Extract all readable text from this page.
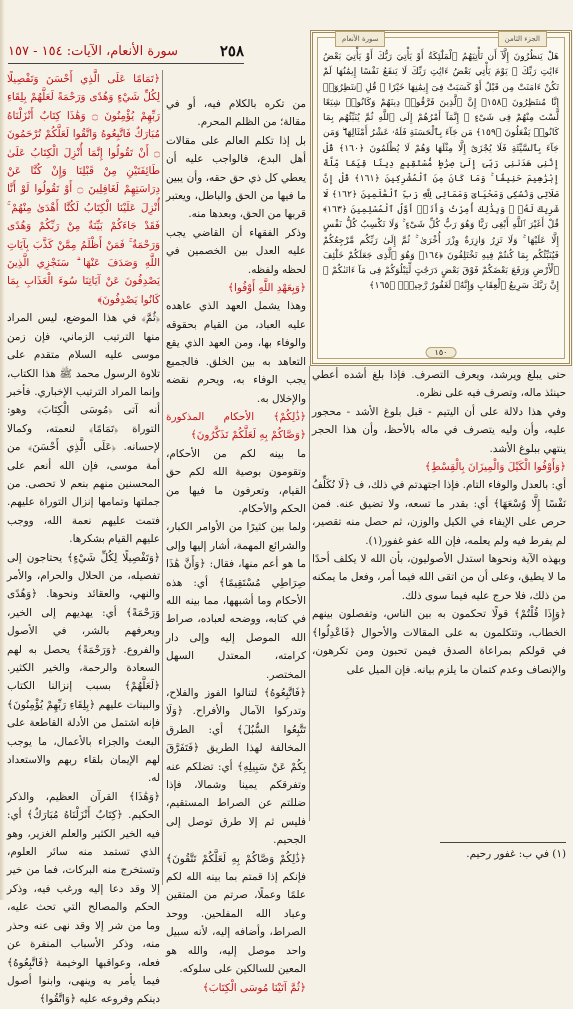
٢٥٨
سورة الأنعام، الآيات: ١٥٤ - ١٥٧
الجزء الثامن
سورة الأنعام
هَلْ يَنظُرُونَ إِلَّآ أَن تَأْتِيَهُمُ ٱلْمَلَٰٓئِكَةُ أَوْ يَأْتِيَ رَبُّكَ أَوْ يَأْتِيَ بَعْضُ ءَايَٰتِ رَبِّكَ ۗ يَوْمَ يَأْتِي بَعْضُ ءَايَٰتِ رَبِّكَ لَا يَنفَعُ نَفْسًا إِيمَٰنُهَا لَمْ تَكُنْ ءَامَنَتْ مِن قَبْلُ أَوْ كَسَبَتْ فِىٓ إِيمَٰنِهَا خَيْرًا ۗ قُلِ ٱنتَظِرُوٓا۟ إِنَّا مُنتَظِرُونَ ﴿١٥٨﴾ إِنَّ ٱلَّذِينَ فَرَّقُوا۟ دِينَهُمْ وَكَانُوا۟ شِيَعًا لَّسْتَ مِنْهُمْ فِى شَىْءٍ ۚ إِنَّمَآ أَمْرُهُمْ إِلَى ٱللَّهِ ثُمَّ يُنَبِّئُهُم بِمَا كَانُوا۟ يَفْعَلُونَ ﴿١٥٩﴾ مَن جَآءَ بِٱلْحَسَنَةِ فَلَهُۥ عَشْرُ أَمْثَالِهَا ۖ وَمَن جَآءَ بِٱلسَّيِّئَةِ فَلَا يُجْزَىٰٓ إِلَّا مِثْلَهَا وَهُمْ لَا يُظْلَمُونَ ﴿١٦٠﴾ قُلْ إِنَّنِى هَدَىٰنِى رَبِّىٓ إِلَىٰ صِرَٰطٍ مُّسْتَقِيمٍ دِينًا قِيَمًا مِّلَّةَ إِبْرَٰهِيمَ حَنِيفًا ۚ وَمَا كَانَ مِنَ ٱلْمُشْرِكِينَ ﴿١٦١﴾ قُلْ إِنَّ صَلَاتِى وَنُسُكِى وَمَحْيَاىَ وَمَمَاتِى لِلَّهِ رَبِّ ٱلْعَٰلَمِينَ ﴿١٦٢﴾ لَا شَرِيكَ لَهُۥ ۖ وَبِذَٰلِكَ أُمِرْتُ وَأَنَا۠ أَوَّلُ ٱلْمُسْلِمِينَ ﴿١٦٣﴾ قُلْ أَغَيْرَ ٱللَّهِ أَبْغِى رَبًّا وَهُوَ رَبُّ كُلِّ شَىْءٍ ۚ وَلَا تَكْسِبُ كُلُّ نَفْسٍ إِلَّا عَلَيْهَا ۚ وَلَا تَزِرُ وَازِرَةٌ وِزْرَ أُخْرَىٰ ۚ ثُمَّ إِلَىٰ رَبِّكُم مَّرْجِعُكُمْ فَيُنَبِّئُكُم بِمَا كُنتُمْ فِيهِ تَخْتَلِفُونَ ﴿١٦٤﴾ وَهُوَ ٱلَّذِى جَعَلَكُمْ خَلَٰٓئِفَ ٱلْأَرْضِ وَرَفَعَ بَعْضَكُمْ فَوْقَ بَعْضٍ دَرَجَٰتٍ لِّيَبْلُوَكُمْ فِى مَآ ءَاتَىٰكُمْ ۗ إِنَّ رَبَّكَ سَرِيعُ ٱلْعِقَابِ وَإِنَّهُۥ لَغَفُورٌ رَّحِيمٌۢ ﴿١٦٥﴾
١٥٠

﴿تَمَامًا عَلَى الَّذِي أَحْسَنَ وَتَفْصِيلًا لِكُلِّ شَيْءٍ وَهُدًى وَرَحْمَةً لَعَلَّهُمْ بِلِقَاءِ رَبِّهِمْ يُؤْمِنُونَ ۝ وَهَٰذَا كِتَابٌ أَنْزَلْنَاهُ مُبَارَكٌ فَاتَّبِعُوهُ وَاتَّقُوا لَعَلَّكُمْ تُرْحَمُونَ ۝ أَنْ تَقُولُوا إِنَّمَا أُنْزِلَ الْكِتَابُ عَلَىٰ طَائِفَتَيْنِ مِنْ قَبْلِنَا وَإِنْ كُنَّا عَنْ دِرَاسَتِهِمْ لَغَافِلِينَ ۝ أَوْ تَقُولُوا لَوْ أَنَّا أُنْزِلَ عَلَيْنَا الْكِتَابُ لَكُنَّا أَهْدَىٰ مِنْهُمْ ۚ فَقَدْ جَاءَكُمْ بَيِّنَةٌ مِنْ رَبِّكُمْ وَهُدًى وَرَحْمَةٌ ۚ فَمَنْ أَظْلَمُ مِمَّنْ كَذَّبَ بِآيَاتِ اللَّهِ وَصَدَفَ عَنْهَا ۗ سَنَجْزِي الَّذِينَ يَصْدِفُونَ عَنْ آيَاتِنَا سُوءَ الْعَذَابِ بِمَا كَانُوا يَصْدِفُونَ﴾

﴿ثُمَّ﴾ في هذا الموضع، ليس المراد منها الترتيب الزماني، فإن زمن موسى عليه السلام متقدم على تلاوة الرسول محمد ﷺ هذا الكتاب، وإنما المراد الترتيب الإخباري. فأخبر أنه آتى ﴿مُوسَى الْكِتَابَ﴾ وهو: التوراة ﴿تَمَامًا﴾ لنعمته، وكمالا لإحسانه. ﴿عَلَى الَّذِي أَحْسَنَ﴾ من أمة موسى، فإن الله أنعم على المحسنين منهم بنعم لا تحصى. من جملتها وتمامها إنزال التوراة عليهم. فتمت عليهم نعمة الله، ووجب عليهم القيام بشكرها.

﴿وَتَفْصِيلًا لِكُلِّ شَيْءٍ﴾ يحتاجون إلى تفصيله، من الحلال والحرام، والأمر والنهي، والعقائد ونحوها. ﴿وَهُدًى وَرَحْمَةً﴾ أي: يهديهم إلى الخير، ويعرفهم بالشر، في الأصول والفروع. ﴿وَرَحْمَةً﴾ يحصل به لهم السعادة والرحمة، والخير الكثير. ﴿لَعَلَّهُمْ﴾ بسبب إنزالنا الكتاب والبينات عليهم ﴿بِلِقَاءِ رَبِّهِمْ يُؤْمِنُونَ﴾ فإنه اشتمل من الأدلة القاطعة على البعث والجزاء بالأعمال، ما يوجب لهم الإيمان بلقاء ربهم والاستعداد له.

﴿وَهَٰذَا﴾ القرآن العظيم، والذكر الحكيم. ﴿كِتَابٌ أَنْزَلْنَاهُ مُبَارَكٌ﴾ أي: فيه الخير الكثير والعلم الغزير، وهو الذي تستمد منه سائر العلوم، وتستخرج منه البركات، فما من خير إلا وقد دعا إليه ورغب فيه، وذكر الحكم والمصالح التي تحث عليه، وما من شر إلا وقد نهى عنه وحذر منه، وذكر الأسباب المنفرة عن فعله، وعواقبها الوخيمة ﴿فَاتَّبِعُوهُ﴾ فيما يأمر به وينهى، وابنوا أصول دينكم وفروعه عليه ﴿وَاتَّقُوا﴾

من تكره بالكلام فيه، أو في مقالة؛ من الظلم المحرم.

بل إذا تكلم العالم على مقالات أهل البدع، فالواجب عليه أن يعطي كل ذي حق حقه، وأن يبين ما فيها من الحق والباطل، ويعتبر قربها من الحق، وبعدها منه.

وذكر الفقهاء أن القاضي يجب عليه العدل بين الخصمين في لحظه ولفظه.

﴿وَبِعَهْدِ اللَّهِ أَوْفُوا﴾

وهذا يشمل العهد الذي عاهده عليه العباد، من القيام بحقوقه والوفاء بها، ومن العهد الذي يقع التعاهد به بين الخلق. فالجميع يجب الوفاء به، ويحرم نقضه والإخلال به.

﴿ذَٰلِكُمْ﴾ الأحكام المذكورة ﴿وَصَّاكُمْ بِهِ لَعَلَّكُمْ تَذَكَّرُونَ﴾

ما بينه لكم من الأحكام، وتقومون بوصية الله لكم حق القيام، وتعرفون ما فيها من الحكم والأحكام.

ولما بين كثيرًا من الأوامر الكبار، والشرائع المهمة، أشار إليها وإلى ما هو أعم منها، فقال: ﴿وَأَنَّ هَٰذَا صِرَاطِي مُسْتَقِيمًا﴾ أي: هذه الأحكام وما أشبهها، مما بينه الله في كتابه، ووضحه لعباده، صراط الله الموصل إليه وإلى دار كرامته، المعتدل السهل المختصر.

﴿فَاتَّبِعُوهُ﴾ لتنالوا الفوز والفلاح، وتدركوا الآمال والأفراح. ﴿وَلَا تَتَّبِعُوا السُّبُلَ﴾ أي: الطرق المخالفة لهذا الطريق ﴿فَتَفَرَّقَ بِكُمْ عَنْ سَبِيلِهِ﴾ أي: تضلكم عنه وتفرقكم يمينا وشمالا، فإذا ضللتم عن الصراط المستقيم، فليس ثم إلا طرق توصل إلى الجحيم.

﴿ذَٰلِكُمْ وَصَّاكُمْ بِهِ لَعَلَّكُمْ تَتَّقُونَ﴾ فإنكم إذا قمتم بما بينه الله لكم علمًا وعملًا، صرتم من المتقين وعباد الله المفلحين. ووحد الصراط، وأضافه إليه، لأنه سبيل واحد موصل إليه، والله هو المعين للسالكين على سلوكه.

﴿ثُمَّ آتَيْنَا مُوسَى الْكِتَابَ﴾

حتى يبلغ ويرشد، ويعرف التصرف. فإذا بلغ أشده أعطي حينئذ ماله، وتصرف فيه على نظره.

وفي هذا دلالة على أن اليتيم - قبل بلوغ الأشد - محجور عليه، وأن وليه يتصرف في ماله بالأحظ، وأن هذا الحجر ينتهي ببلوغ الأشد.

﴿وَأَوْفُوا الْكَيْلَ وَالْمِيزَانَ بِالْقِسْطِ﴾

أي: بالعدل والوفاء التام. فإذا اجتهدتم في ذلك، ف ﴿لَا نُكَلِّفُ نَفْسًا إِلَّا وُسْعَهَا﴾ أي: بقدر ما تسعه، ولا تضيق عنه. فمن حرص على الإيفاء في الكيل والوزن، ثم حصل منه تقصير، لم يفرط فيه ولم يعلمه، فإن الله عفو غفور(١).

وبهذه الآية ونحوها استدل الأصوليون، بأن الله لا يكلف أحدًا ما لا يطيق، وعلى أن من اتقى الله فيما أمر، وفعل ما يمكنه من ذلك، فلا حرج عليه فيما سوى ذلك.

﴿وَإِذَا قُلْتُمْ﴾ قولًا تحكمون به بين الناس، وتفصلون بينهم الخطاب، وتتكلمون به على المقالات والأحوال ﴿فَاعْدِلُوا﴾ في قولكم بمراعاة الصدق فيمن تحبون ومن تكرهون، والإنصاف وعدم كتمان ما يلزم بيانه. فإن الميل على

(١) في ب: غفور رحيم.
